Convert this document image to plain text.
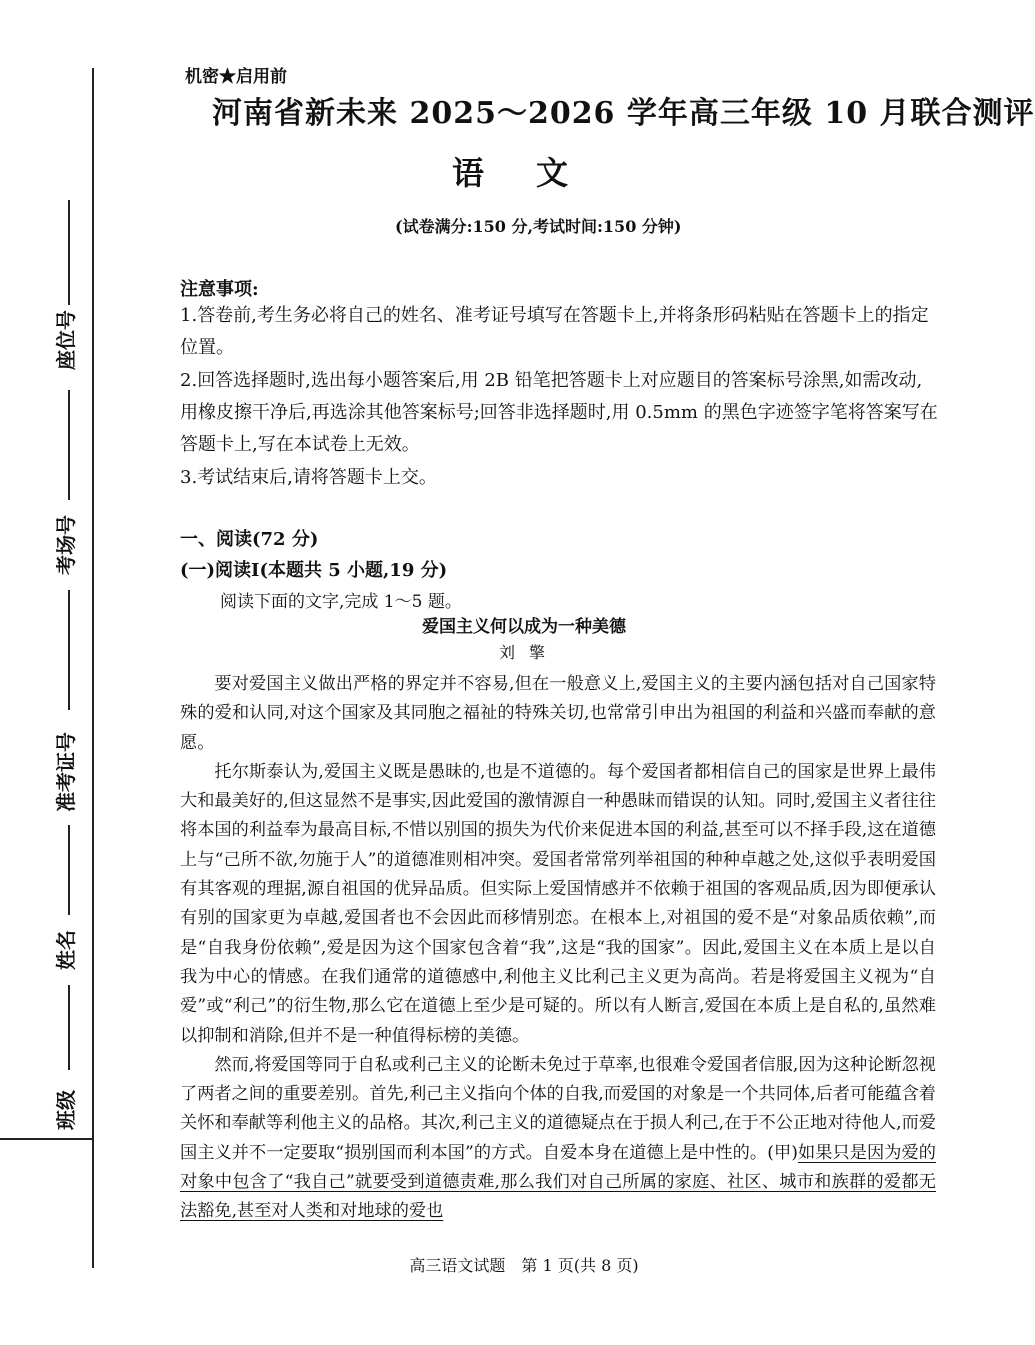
座位号
考场号
准考证号
姓名
班级
机密★启用前
河南省新未来 2025～2026 学年高三年级 10 月联合测评
语文
(试卷满分:150 分,考试时间:150 分钟)
注意事项:
1.答卷前,考生务必将自己的姓名、准考证号填写在答题卡上,并将条形码粘贴在答题卡上的指定位置。
2.回答选择题时,选出每小题答案后,用 2B 铅笔把答题卡上对应题目的答案标号涂黑,如需改动,用橡皮擦干净后,再选涂其他答案标号;回答非选择题时,用 0.5mm 的黑色字迹签字笔将答案写在答题卡上,写在本试卷上无效。
3.考试结束后,请将答题卡上交。
一、阅读(72 分)
(一)阅读Ⅰ(本题共 5 小题,19 分)
阅读下面的文字,完成 1～5 题。
爱国主义何以成为一种美德
刘擎

要对爱国主义做出严格的界定并不容易,但在一般意义上,爱国主义的主要内涵包括对自己国家特殊的爱和认同,对这个国家及其同胞之福祉的特殊关切,也常常引申出为祖国的利益和兴盛而奉献的意愿。

托尔斯泰认为,爱国主义既是愚昧的,也是不道德的。每个爱国者都相信自己的国家是世界上最伟大和最美好的,但这显然不是事实,因此爱国的激情源自一种愚昧而错误的认知。同时,爱国主义者往往将本国的利益奉为最高目标,不惜以别国的损失为代价来促进本国的利益,甚至可以不择手段,这在道德上与“己所不欲,勿施于人”的道德准则相冲突。爱国者常常列举祖国的种种卓越之处,这似乎表明爱国有其客观的理据,源自祖国的优异品质。但实际上爱国情感并不依赖于祖国的客观品质,因为即便承认有别的国家更为卓越,爱国者也不会因此而移情别恋。在根本上,对祖国的爱不是“对象品质依赖”,而是“自我身份依赖”,爱是因为这个国家包含着“我”,这是“我的国家”。因此,爱国主义在本质上是以自我为中心的情感。在我们通常的道德感中,利他主义比利己主义更为高尚。若是将爱国主义视为“自爱”或“利己”的衍生物,那么它在道德上至少是可疑的。所以有人断言,爱国在本质上是自私的,虽然难以抑制和消除,但并不是一种值得标榜的美德。

然而,将爱国等同于自私或利己主义的论断未免过于草率,也很难令爱国者信服,因为这种论断忽视了两者之间的重要差别。首先,利己主义指向个体的自我,而爱国的对象是一个共同体,后者可能蕴含着关怀和奉献等利他主义的品格。其次,利己主义的道德疑点在于损人利己,在于不公正地对待他人,而爱国主义并不一定要取“损别国而利本国”的方式。自爱本身在道德上是中性的。(甲)如果只是因为爱的对象中包含了“我自己”就要受到道德责难,那么我们对自己所属的家庭、社区、城市和族群的爱都无法豁免,甚至对人类和对地球的爱也

高三语文试题　第 1 页(共 8 页)
